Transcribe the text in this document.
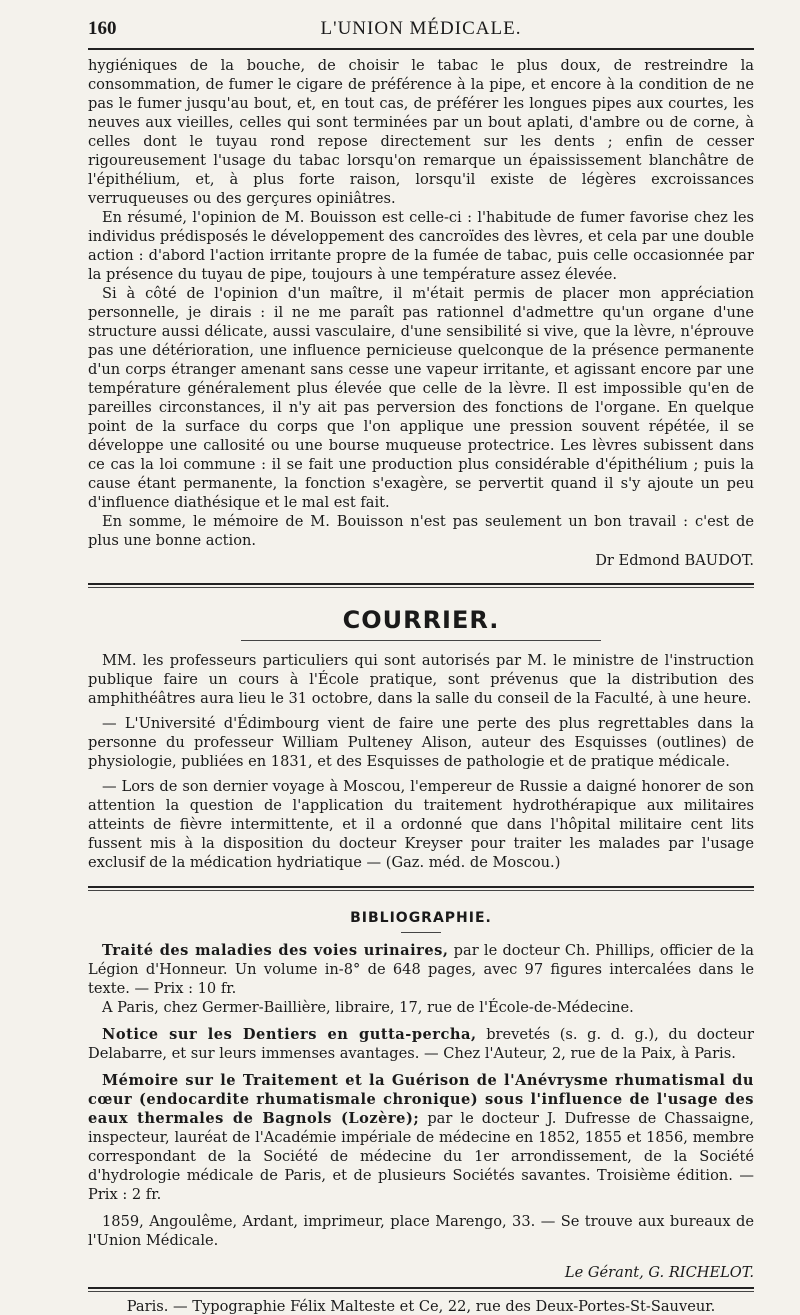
160	L'UNION MÉDICALE.

hygiéniques de la bouche, de choisir le tabac le plus doux, de restreindre la consommation, de fumer le cigare de préférence à la pipe, et encore à la condition de ne pas le fumer jusqu'au bout, et, en tout cas, de préférer les longues pipes aux courtes, les neuves aux vieilles, celles qui sont terminées par un bout aplati, d'ambre ou de corne, à celles dont le tuyau rond repose directement sur les dents ; enfin de cesser rigoureusement l'usage du tabac lorsqu'on remarque un épaississement blanchâtre de l'épithélium, et, à plus forte raison, lorsqu'il existe de légères excroissances verruqueuses ou des gerçures opiniâtres.

En résumé, l'opinion de M. Bouisson est celle-ci : l'habitude de fumer favorise chez les individus prédisposés le développement des cancroïdes des lèvres, et cela par une double action : d'abord l'action irritante propre de la fumée de tabac, puis celle occasionnée par la présence du tuyau de pipe, toujours à une température assez élevée.

Si à côté de l'opinion d'un maître, il m'était permis de placer mon appréciation personnelle, je dirais : il ne me paraît pas rationnel d'admettre qu'un organe d'une structure aussi délicate, aussi vasculaire, d'une sensibilité si vive, que la lèvre, n'éprouve pas une détérioration, une influence pernicieuse quelconque de la présence permanente d'un corps étranger amenant sans cesse une vapeur irritante, et agissant encore par une température généralement plus élevée que celle de la lèvre. Il est impossible qu'en de pareilles circonstances, il n'y ait pas perversion des fonctions de l'organe. En quelque point de la surface du corps que l'on applique une pression souvent répétée, il se développe une callosité ou une bourse muqueuse protectrice. Les lèvres subissent dans ce cas la loi commune : il se fait une production plus considérable d'épithélium ; puis la cause étant permanente, la fonction s'exagère, se pervertit quand il s'y ajoute un peu d'influence diathésique et le mal est fait.

En somme, le mémoire de M. Bouisson n'est pas seulement un bon travail : c'est de plus une bonne action.

Dr Edmond BAUDOT.
COURRIER.

MM. les professeurs particuliers qui sont autorisés par M. le ministre de l'instruction publique faire un cours à l'École pratique, sont prévenus que la distribution des amphithéâtres aura lieu le 31 octobre, dans la salle du conseil de la Faculté, à une heure.

— L'Université d'Édimbourg vient de faire une perte des plus regrettables dans la personne du professeur William Pulteney Alison, auteur des Esquisses (outlines) de physiologie, publiées en 1831, et des Esquisses de pathologie et de pratique médicale.

— Lors de son dernier voyage à Moscou, l'empereur de Russie a daigné honorer de son attention la question de l'application du traitement hydrothérapique aux militaires atteints de fièvre intermittente, et il a ordonné que dans l'hôpital militaire cent lits fussent mis à la disposition du docteur Kreyser pour traiter les malades par l'usage exclusif de la médication hydriatique — (Gaz. méd. de Moscou.)

BIBLIOGRAPHIE.

Traité des maladies des voies urinaires, par le docteur Ch. Phillips, officier de la Légion d'Honneur. Un volume in-8° de 648 pages, avec 97 figures intercalées dans le texte. — Prix : 10 fr.

A Paris, chez Germer-Baillière, libraire, 17, rue de l'École-de-Médecine.

Notice sur les Dentiers en gutta-percha, brevetés (s. g. d. g.), du docteur Delabarre, et sur leurs immenses avantages. — Chez l'Auteur, 2, rue de la Paix, à Paris.

Mémoire sur le Traitement et la Guérison de l'Anévrysme rhumatismal du cœur (endocardite rhumatismale chronique) sous l'influence de l'usage des eaux thermales de Bagnols (Lozère); par le docteur J. Dufresse de Chassaigne, inspecteur, lauréat de l'Académie impériale de médecine en 1852, 1855 et 1856, membre correspondant de la Société de médecine du 1er arrondissement, de la Société d'hydrologie médicale de Paris, et de plusieurs Sociétés savantes. Troisième édition. — Prix : 2 fr.

1859, Angoulême, Ardant, imprimeur, place Marengo, 33. — Se trouve aux bureaux de l'Union Médicale.

Le Gérant, G. RICHELOT.
Paris. — Typographie Félix Malteste et Ce, 22, rue des Deux-Portes-St-Sauveur.
